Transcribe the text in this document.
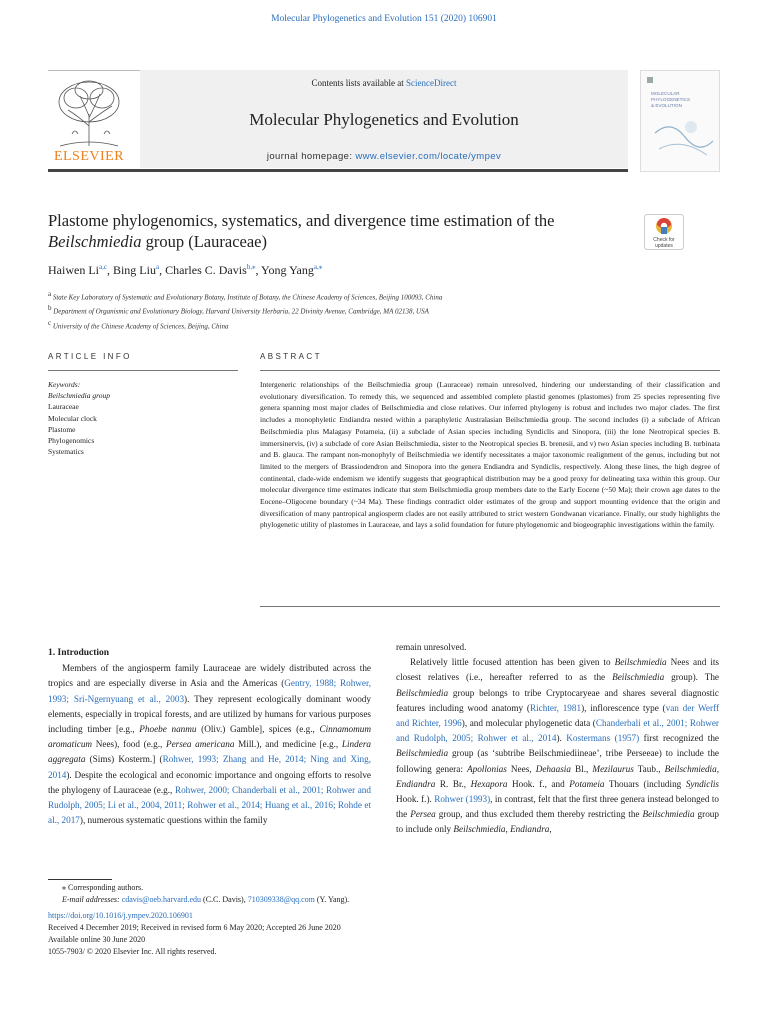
Molecular Phylogenetics and Evolution 151 (2020) 106901
ELSEVIER
Contents lists available at ScienceDirect
Molecular Phylogenetics and Evolution
journal homepage: www.elsevier.com/locate/ympev
MOLECULAR
PHYLOGENETICS
& EVOLUTION
Plastome phylogenomics, systematics, and divergence time estimation of the
Beilschmiedia group (Lauraceae)	Check for
updates
Haiwen Li$^{a,c}$, Bing Liu$^a$, Charles C. Davis$^{b,⁎}$, Yong Yang$^{a,⁎}$
$^a$ State Key Laboratory of Systematic and Evolutionary Botany, Institute of Botany, the Chinese Academy of Sciences, Beijing 100093, China
$^b$ Department of Organismic and Evolutionary Biology, Harvard University Herbaria, 22 Divinity Avenue, Cambridge, MA 02138, USA
$^c$ University of the Chinese Academy of Sciences, Beijing, China
ARTICLE INFO	ABSTRACT
Keywords:
Beilschmiedia group
Lauraceae
Molecular clock
Plastome
Phylogenomics
Systematics
Intergeneric relationships of the Beilschmiedia group (Lauraceae) remain unresolved, hindering our understanding of their classification and evolutionary diversification. To remedy this, we sequenced and assembled complete plastid genomes (plastomes) from 25 species representing five genera spanning most major clades of Beilschmiedia and close relatives. Our inferred phylogeny is robust and includes two major clades. The first includes a monophyletic Endiandra nested within a paraphyletic Australasian Beilschmiedia group. The second includes (i) a subclade of African Beilschmiedia plus Malagasy Potameia, (ii) a subclade of Asian species including Syndiclis and Sinopora, (iii) the lone Neotropical species B. immersinervis, (iv) a subclade of core Asian Beilschmiedia, sister to the Neotropical species B. brenesii, and v) two Asian species including B. turbinata and B. glauca. The rampant non-monophyly of Beilschmiedia we identify necessitates a major taxonomic realignment of the genus, including but not limited to the mergers of Brassiodendron and Sinopora into the genera Endiandra and Syndiclis, respectively. Along these lines, the high degree of continental, clade-wide endemism we identify suggests that geographical distribution may be a good proxy for delineating taxa within this group. Our molecular divergence time estimates indicate that stem Beilschmiedia group members date to the Early Eocene (~50 Ma); their crown age dates to the Eocene–Oligocene boundary (~34 Ma). These findings contradict older estimates of the group and support mounting evidence that the origin and diversification of many pantropical angiosperm clades are not easily attributed to strict western Gondwanan vicariance. Finally, our study highlights the phylogenetic utility of plastomes in Lauraceae, and lays a solid foundation for future phylogenomic and biogeographic investigations within the family.

1. Introduction

Members of the angiosperm family Lauraceae are widely distributed across the tropics and are especially diverse in Asia and the Americas (Gentry, 1988; Rohwer, 1993; Sri-Ngernyuang et al., 2003). They represent ecologically dominant woody elements, especially in tropical forests, and are utilized by humans for various purposes including timber [e.g., Phoebe nanmu (Oliv.) Gamble], spices (e.g., Cinnamomum aromaticum Nees), food (e.g., Persea americana Mill.), and medicine [e.g., Lindera aggregata (Sims) Kosterm.] (Rohwer, 1993; Zhang and He, 2014; Ning and Xing, 2014). Despite the ecological and economic importance and ongoing efforts to resolve the phylogeny of Lauraceae (e.g., Rohwer, 2000; Chanderbali et al., 2001; Rohwer and Rudolph, 2005; Li et al., 2004, 2011; Rohwer et al., 2014; Huang et al., 2016; Rohde et al., 2017), numerous systematic questions within the family

remain unresolved.

Relatively little focused attention has been given to Beilschmiedia Nees and its closest relatives (i.e., hereafter referred to as the Beilschmiedia group). The Beilschmiedia group belongs to tribe Cryptocaryeae and shares several diagnostic features including wood anatomy (Richter, 1981), inflorescence type (van der Werff and Richter, 1996), and molecular phylogenetic data (Chanderbali et al., 2001; Rohwer and Rudolph, 2005; Rohwer et al., 2014). Kostermans (1957) first recognized the Beilschmiedia group (as ‘subtribe Beilschmiediineae’, tribe Perseeae) to include the following genera: Apollonias Nees, Dehaasia Bl., Mezilaurus Taub., Beilschmiedia, Endiandra R. Br., Hexapora Hook. f., and Potameia Thouars (including Syndiclis Hook. f.). Rohwer (1993), in contrast, felt that the first three genera instead belonged to the Persea group, and thus excluded them thereby restricting the Beilschmiedia group to include only Beilschmiedia, Endiandra,

⁎ Corresponding authors.
E-mail addresses: cdavis@oeb.harvard.edu (C.C. Davis), 710309338@qq.com (Y. Yang).
https://doi.org/10.1016/j.ympev.2020.106901
Received 4 December 2019; Received in revised form 6 May 2020; Accepted 26 June 2020
Available online 30 June 2020
1055-7903/ © 2020 Elsevier Inc. All rights reserved.
